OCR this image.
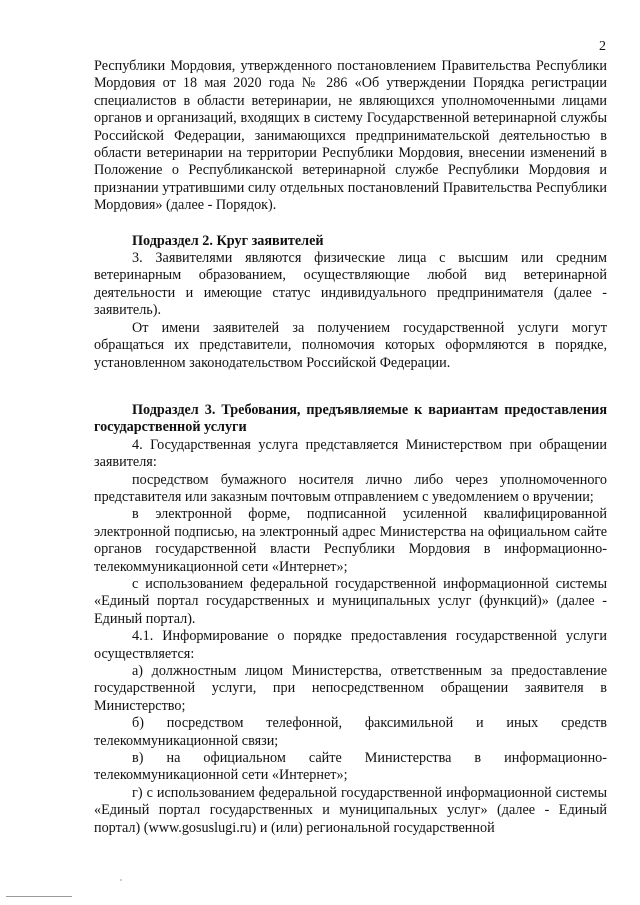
2

Республики Мордовия, утвержденного постановлением Правительства Республики Мордовия от 18 мая 2020 года № 286 «Об утверждении Порядка регистрации специалистов в области ветеринарии, не являющихся уполномоченными лицами органов и организаций, входящих в систему Государственной ветеринарной службы Российской Федерации, занимающихся предпринимательской деятельностью в области ветеринарии на территории Республики Мордовия, внесении изменений в Положение о Республиканской ветеринарной службе Республики Мордовия и признании утратившими силу отдельных постановлений Правительства Республики Мордовия» (далее - Порядок).

Подраздел 2. Круг заявителей

3. Заявителями являются физические лица с высшим или средним ветеринарным образованием, осуществляющие любой вид ветеринарной деятельности и имеющие статус индивидуального предпринимателя (далее - заявитель).

От имени заявителей за получением государственной услуги могут обращаться их представители, полномочия которых оформляются в порядке, установленном законодательством Российской Федерации.

Подраздел 3. Требования, предъявляемые к вариантам предоставления государственной услуги

4. Государственная услуга представляется Министерством при обращении заявителя:

посредством бумажного носителя лично либо через уполномоченного представителя или заказным почтовым отправлением с уведомлением о вручении;

в электронной форме, подписанной усиленной квалифицированной электронной подписью, на электронный адрес Министерства на официальном сайте органов государственной власти Республики Мордовия в информационно-телекоммуникационной сети «Интернет»;

с использованием федеральной государственной информационной системы «Единый портал государственных и муниципальных услуг (функций)» (далее - Единый портал).

4.1. Информирование о порядке предоставления государственной услуги осуществляется:

а) должностным лицом Министерства, ответственным за предоставление государственной услуги, при непосредственном обращении заявителя в Министерство;

б) посредством телефонной, факсимильной и иных средств телекоммуникационной связи;

в) на официальном сайте Министерства в информационно-телекоммуникационной сети «Интернет»;

г) с использованием федеральной государственной информационной системы «Единый портал государственных и муниципальных услуг» (далее - Единый портал) (www.gosuslugi.ru) и (или) региональной государственной
